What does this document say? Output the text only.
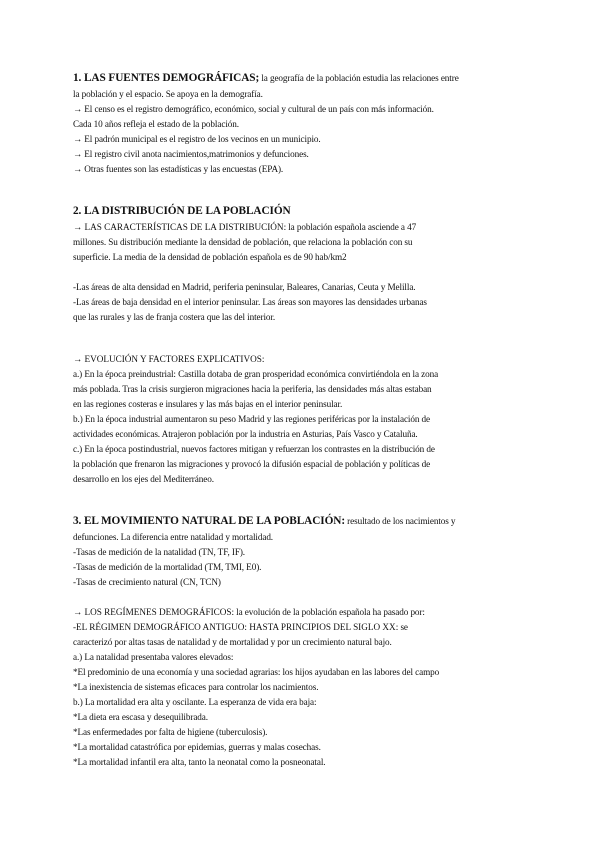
1. LAS FUENTES DEMOGRÁFICAS; la geografía de la población estudia las relaciones entre
la población y el espacio. Se apoya en la demografía.
→ El censo es el registro demográfico, económico, social y cultural de un país con más información.
Cada 10 años refleja el estado de la población.
→ El padrón municipal es el registro de los vecinos en un municipio.
→ El registro civil anota nacimientos,matrimonios y defunciones.
→ Otras fuentes son las estadísticas y las encuestas (EPA).
2. LA DISTRIBUCIÓN DE LA POBLACIÓN
→ LAS CARACTERÍSTICAS DE LA DISTRIBUCIÓN: la población española asciende a 47
millones. Su distribución mediante la densidad de población, que relaciona la población con su
superficie. La media de la densidad de población española es de 90 hab/km2
-Las áreas de alta densidad en Madrid, periferia peninsular, Baleares, Canarias, Ceuta y Melilla.
-Las áreas de baja densidad en el interior peninsular. Las áreas son mayores las densidades urbanas
que las rurales y las de franja costera que las del interior.
→ EVOLUCIÓN Y FACTORES EXPLICATIVOS:
a.) En la época preindustrial: Castilla dotaba de gran prosperidad económica convirtiéndola en la zona
más poblada. Tras la crisis surgieron migraciones hacia la periferia, las densidades más altas estaban
en las regiones costeras e insulares y las más bajas en el interior peninsular.
b.) En la época industrial aumentaron su peso Madrid y las regiones periféricas por la instalación de
actividades económicas. Atrajeron población por la industria en Asturias, País Vasco y Cataluña.
c.) En la época postindustrial, nuevos factores mitigan y refuerzan los contrastes en la distribución de
la población que frenaron las migraciones y provocó la difusión espacial de población y políticas de
desarrollo en los ejes del Mediterráneo.
3. EL MOVIMIENTO NATURAL DE LA POBLACIÓN: resultado de los nacimientos y
defunciones. La diferencia entre natalidad y mortalidad.
-Tasas de medición de la natalidad (TN, TF, IF).
-Tasas de medición de la mortalidad (TM, TMI, E0).
-Tasas de crecimiento natural (CN, TCN)
→ LOS REGÍMENES DEMOGRÁFICOS: la evolución de la población española ha pasado por:
-EL RÉGIMEN DEMOGRÁFICO ANTIGUO: HASTA PRINCIPIOS DEL SIGLO XX: se
caracterizó por altas tasas de natalidad y de mortalidad y por un crecimiento natural bajo.
a.) La natalidad presentaba valores elevados:
*El predominio de una economía y una sociedad agrarias: los hijos ayudaban en las labores del campo
*La inexistencia de sistemas eficaces para controlar los nacimientos.
b.) La mortalidad era alta y oscilante. La esperanza de vida era baja:
*La dieta era escasa y desequilibrada.
*Las enfermedades por falta de higiene (tuberculosis).
*La mortalidad catastrófica por epidemias, guerras y malas cosechas.
*La mortalidad infantil era alta, tanto la neonatal como la posneonatal.
